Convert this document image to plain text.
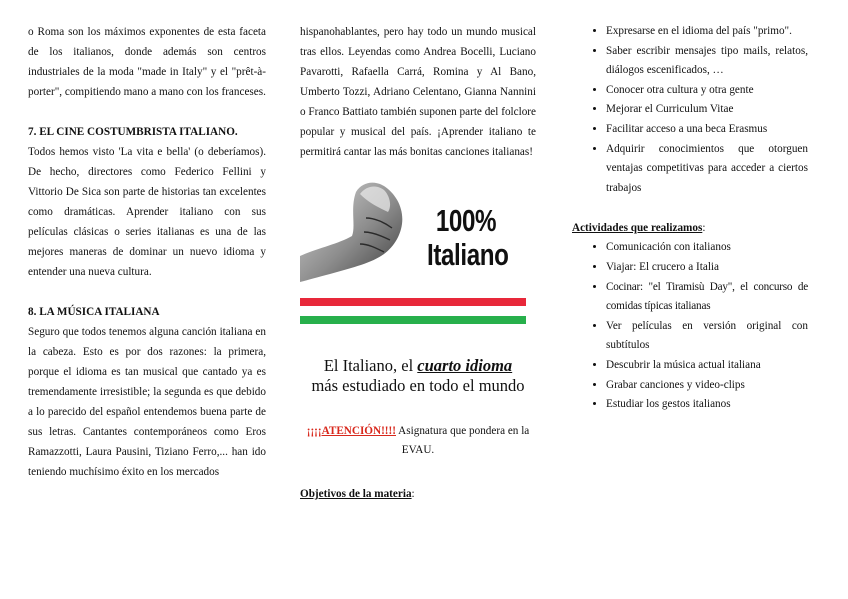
o Roma son los máximos exponentes de esta faceta de los italianos, donde además son centros industriales de la moda "made in Italy" y el "prêt-à-porter", compitiendo mano a mano con los franceses.

7. EL CINE COSTUMBRISTA ITALIANO.

Todos hemos visto 'La vita e bella' (o deberíamos). De hecho, directores como Federico Fellini y Vittorio De Sica son parte de historias tan excelentes como dramáticas. Aprender italiano con sus películas clásicas o series italianas es una de las mejores maneras de dominar un nuevo idioma y entender una nueva cultura.

8. LA MÚSICA ITALIANA

Seguro que todos tenemos alguna canción italiana en la cabeza. Esto es por dos razones: la primera, porque el idioma es tan musical que cantado ya es tremendamente irresistible; la segunda es que debido a lo parecido del español entendemos buena parte de sus letras. Cantantes contemporáneos como Eros Ramazzotti, Laura Pausini, Tiziano Ferro,... han ido teniendo muchísimo éxito en los mercados

hispanohablantes, pero hay todo un mundo musical tras ellos. Leyendas como Andrea Bocelli, Luciano Pavarotti, Rafaella Carrá, Romina y Al Bano, Umberto Tozzi, Adriano Celentano, Gianna Nannini o Franco Battiato también suponen parte del folclore popular y musical del país. ¡Aprender italiano te permitirá cantar las más bonitas canciones italianas!

100%
Italiano
El Italiano, el cuarto idioma
más estudiado en todo el mundo
¡¡¡¡ATENCIÓN!!!! Asignatura que pondera en la EVAU.
Objetivos de la materia:
• Expresarse en el idioma del país "primo".
• Saber escribir mensajes tipo mails, relatos, diálogos escenificados, …
• Conocer otra cultura y otra gente
• Mejorar el Curriculum Vitae
• Facilitar acceso a una beca Erasmus
• Adquirir conocimientos que otorguen ventajas competitivas para acceder a ciertos trabajos
Actividades que realizamos:
• Comunicación con italianos
• Viajar: El crucero a Italia
• Cocinar: "el Tiramisù Day", el concurso de comidas típicas italianas
• Ver películas en versión original con subtítulos
• Descubrir la música actual italiana
• Grabar canciones y video-clips
• Estudiar los gestos italianos
